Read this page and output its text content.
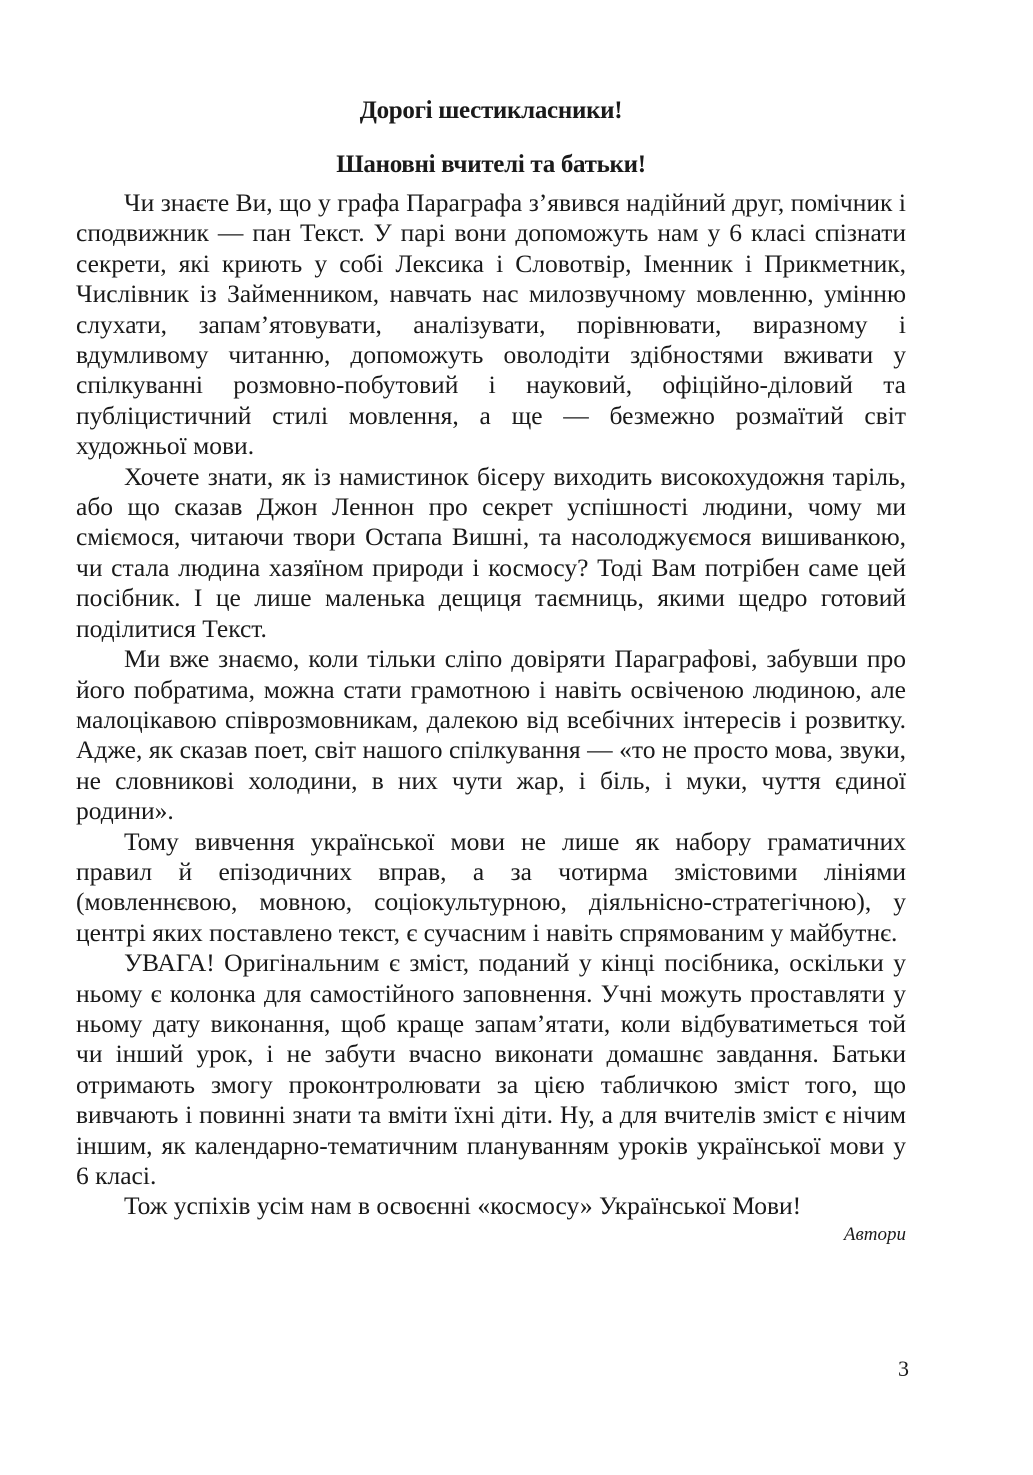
Дорогі шестикласники!
Шановні вчителі та батьки!

Чи знаєте Ви, що у графа Параграфа з’явився надійний друг, помічник і сподвижник — пан Текст. У парі вони допоможуть нам у 6 класі спізнати секрети, які криють у собі Лексика і Словотвір, Іменник і Прикметник, Числівник із Займенником, навчать нас милозвучному мовленню, умінню слухати, запам’ятовувати, аналізувати, порівнювати, виразному і вдумливому читанню, допоможуть оволодіти здібностями вживати у спілкуванні розмовно-побутовий і науковий, офіційно-діловий та публіцистичний стилі мовлення, а ще — безмежно розмаїтий світ художньої мови.

Хочете знати, як із намистинок бісеру виходить високохудожня таріль, або що сказав Джон Леннон про секрет успішності людини, чому ми сміємося, читаючи твори Остапа Вишні, та насолоджуємося вишиванкою, чи стала людина хазяїном природи і космосу? Тоді Вам потрібен саме цей посібник. І це лише маленька дещиця таємниць, якими щедро готовий поділитися Текст.

Ми вже знаємо, коли тільки сліпо довіряти Параграфові, забувши про його побратима, можна стати грамотною і навіть освіченою людиною, але малоцікавою співрозмовникам, далекою від всебічних інтересів і розвитку. Адже, як сказав поет, світ нашого спілкування — «то не просто мова, звуки, не словникові холодини, в них чути жар, і біль, і муки, чуття єдиної родини».

Тому вивчення української мови не лише як набору граматичних правил й епізодичних вправ, а за чотирма змістовими лініями (мовленнєвою, мовною, соціокультурною, діяльнісно-стратегічною), у центрі яких поставлено текст, є сучасним і навіть спрямованим у майбутнє.

УВАГА! Оригінальним є зміст, поданий у кінці посібника, оскільки у ньому є колонка для самостійного заповнення. Учні можуть проставляти у ньому дату виконання, щоб краще запам’ятати, коли відбуватиметься той чи інший урок, і не забути вчасно виконати домашнє завдання. Батьки отримають змогу проконтролювати за цією табличкою зміст того, що вивчають і повинні знати та вміти їхні діти. Ну, а для вчителів зміст є нічим іншим, як календарно-тематичним плануванням уроків української мови у 6 класі.

Тож успіхів усім нам в освоєнні «космосу» Української Мови!

Автори
3
